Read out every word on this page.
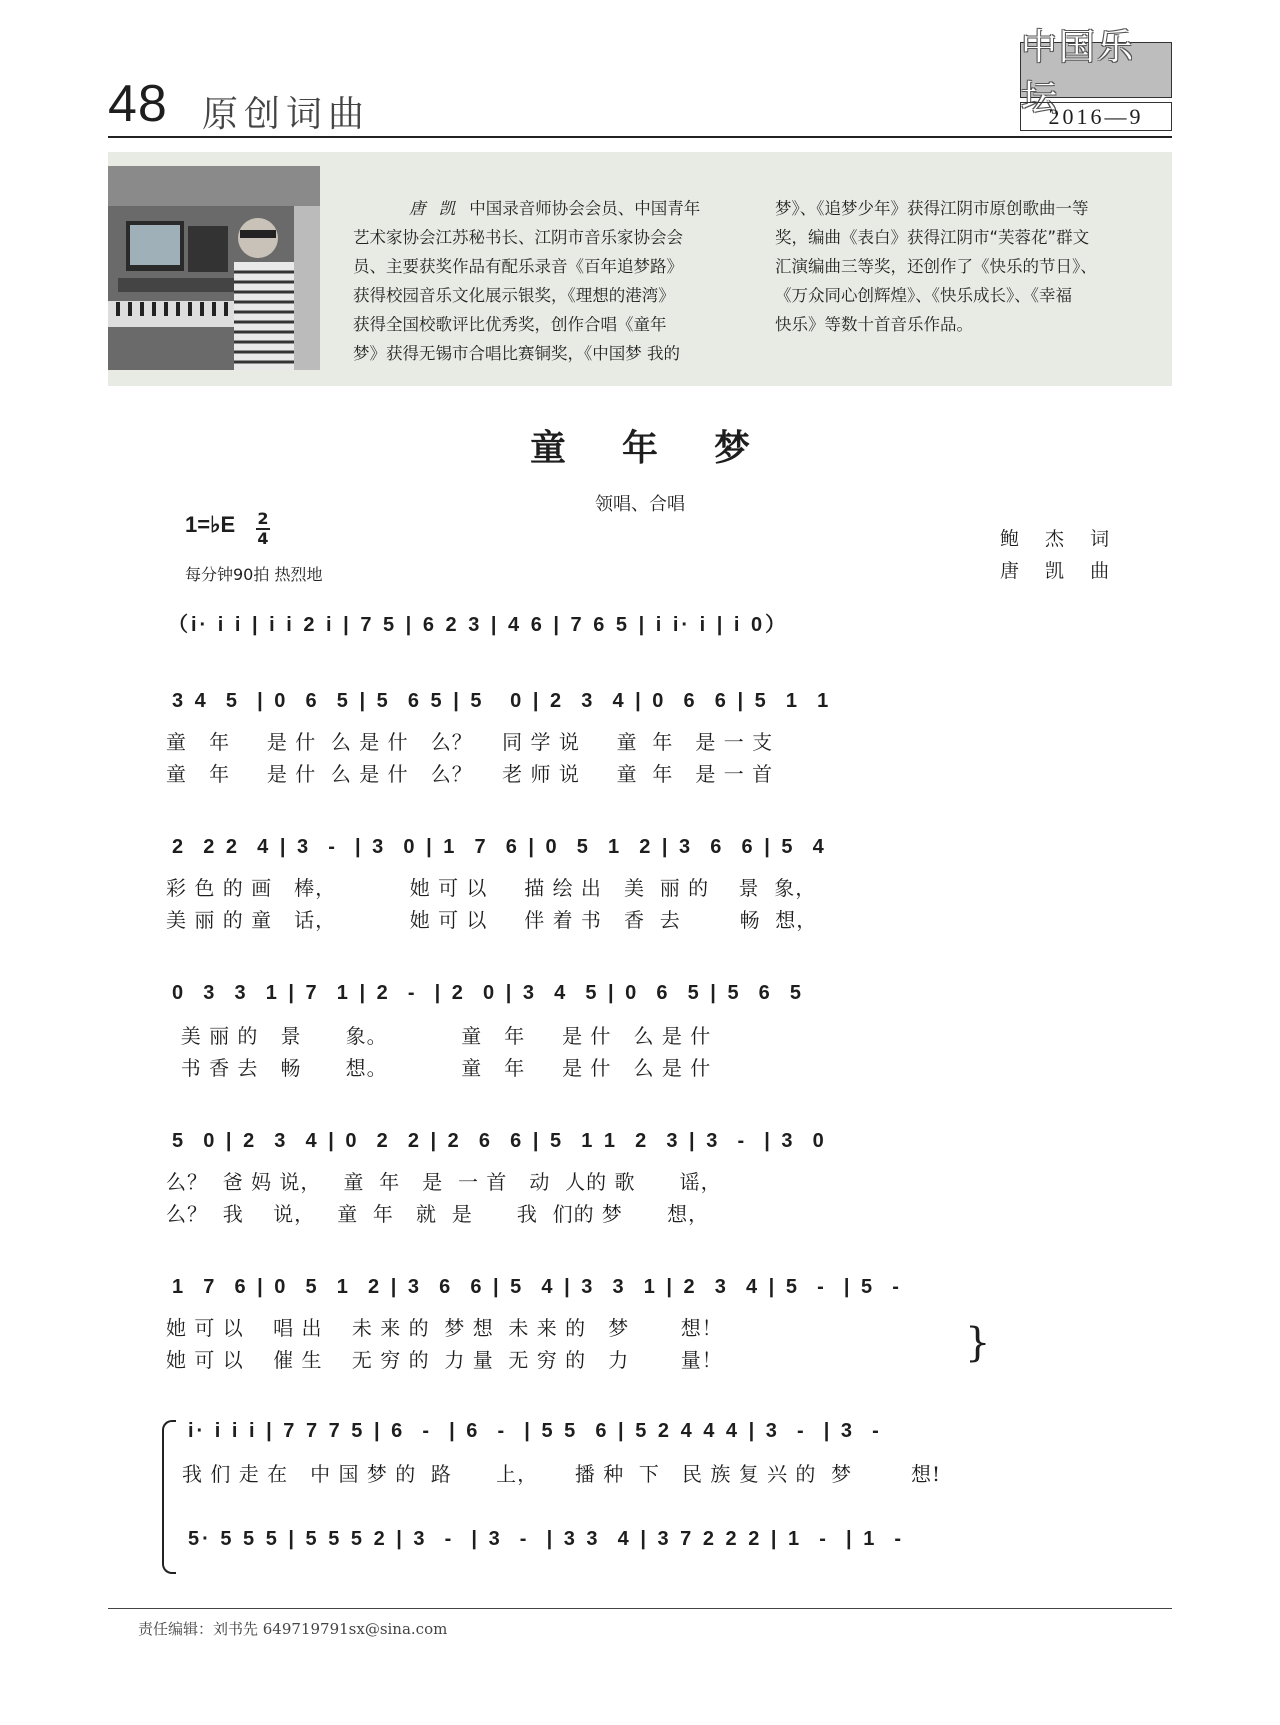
48 原创词曲
中国乐坛
2016—9
唐 凯 中国录音师协会会员、中国青年
艺术家协会江苏秘书长、江阴市音乐家协会会
员、主要获奖作品有配乐录音《百年追梦路》
获得校园音乐文化展示银奖，《理想的港湾》
获得全国校歌评比优秀奖，创作合唱《童年
梦》获得无锡市合唱比赛铜奖，《中国梦 我的
梦》、《追梦少年》获得江阴市原创歌曲一等
奖，编曲《表白》获得江阴市“芙蓉花”群文
汇演编曲三等奖，还创作了《快乐的节日》、
《万众同心创辉煌》、《快乐成长》、《幸福
快乐》等数十首音乐作品。
童年梦
领唱、合唱
1=♭E 2
4
每分钟90拍 热烈地
鲍 杰 词
唐 凯 曲
（i· i i | i i 2 i | 7 5 | 6 2 3 | 4 6 | 7 6 5 | i i· i | i 0）
3 4  5  | 0  6  5 | 5  6 5 | 5   0 | 2  3  4 | 0  6  6 | 5  1  1
童   年     是 什  么 是 什   么？    同 学 说     童  年   是 一 支
童   年     是 什  么 是 什   么？    老 师 说     童  年   是 一 首
2  2 2  4 | 3  -  | 3  0 | 1  7  6 | 0  5  1  2 | 3  6  6 | 5  4
彩 色 的 画   棒，          她 可 以     描 绘 出   美  丽 的    景  象，
美 丽 的 童   话，          她 可 以     伴 着 书   香  去        畅  想，
0  3  3  1 | 7  1 | 2  -  | 2  0 | 3  4  5 | 0  6  5 | 5  6  5
美 丽 的   景      象。          童   年     是 什   么 是 什
书 香 去   畅      想。          童   年     是 什   么 是 什
5  0 | 2  3  4 | 0  2  2 | 2  6  6 | 5  1 1  2  3 | 3  -  | 3  0
么？  爸 妈 说，   童  年   是  一 首   动  人的 歌      谣，
么？  我    说，   童  年   就  是      我  们的 梦      想，
1  7  6 | 0  5  1  2 | 3  6  6 | 5  4 | 3  3  1 | 2  3  4 | 5  -  | 5  -
她 可 以    唱 出    未 来 的  梦 想  未 来 的   梦       想！
她 可 以    催 生    无 穷 的  力 量  无 穷 的   力       量！	}
i· i i i | 7 7 7 5 | 6  -  | 6  -  | 5 5  6 | 5 2 4 4 4 | 3  -  | 3  -
我 们 走 在   中 国 梦 的  路      上，     播 种  下   民 族 复 兴 的  梦        想!
5· 5 5 5 | 5 5 5 2 | 3  -  | 3  -  | 3 3  4 | 3 7 2 2 2 | 1  -  | 1  -
责任编辑：刘书先 649719791sx@sina.com
